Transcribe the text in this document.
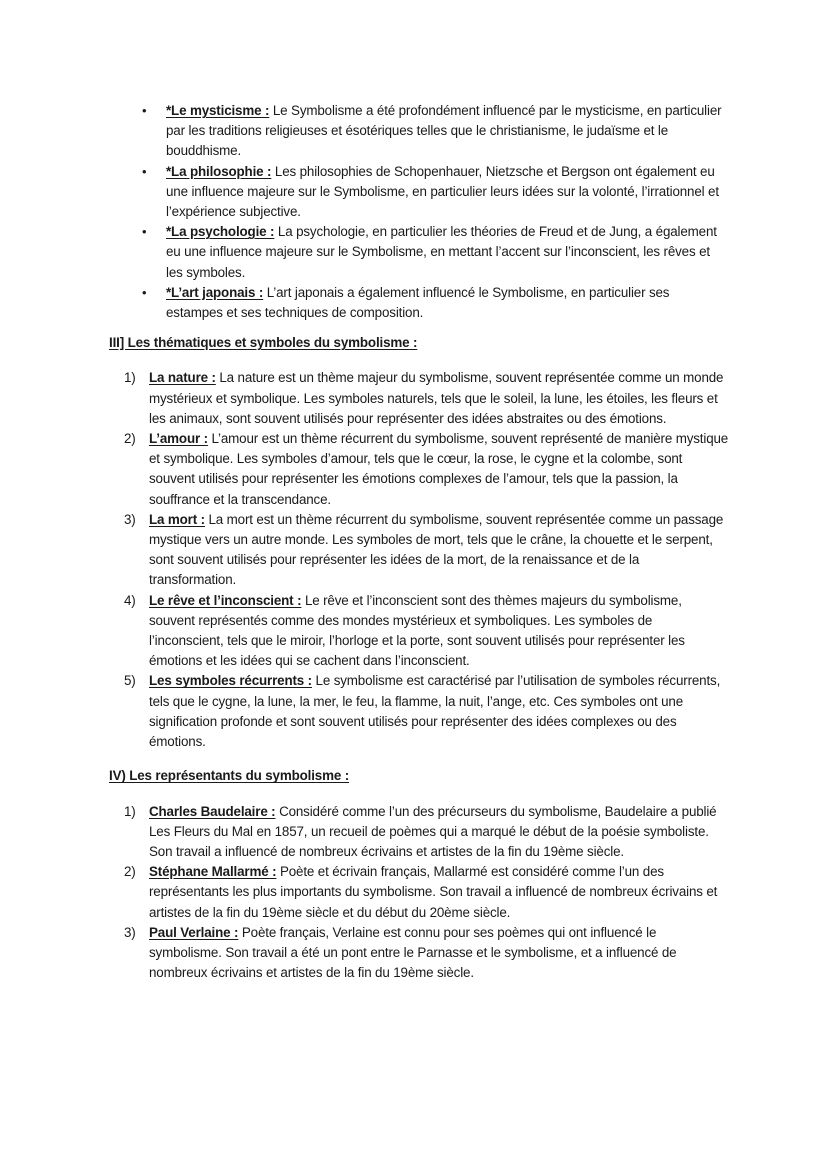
• *Le mysticisme : Le Symbolisme a été profondément influencé par le mysticisme, en particulier par les traditions religieuses et ésotériques telles que le christianisme, le judaïsme et le bouddhisme.
• *La philosophie : Les philosophies de Schopenhauer, Nietzsche et Bergson ont également eu une influence majeure sur le Symbolisme, en particulier leurs idées sur la volonté, l’irrationnel et l’expérience subjective.
• *La psychologie : La psychologie, en particulier les théories de Freud et de Jung, a également eu une influence majeure sur le Symbolisme, en mettant l’accent sur l’inconscient, les rêves et les symboles.
• *L’art japonais : L’art japonais a également influencé le Symbolisme, en particulier ses estampes et ses techniques de composition.
III] Les thématiques et symboles du symbolisme :
1) La nature : La nature est un thème majeur du symbolisme, souvent représentée comme un monde mystérieux et symbolique. Les symboles naturels, tels que le soleil, la lune, les étoiles, les fleurs et les animaux, sont souvent utilisés pour représenter des idées abstraites ou des émotions.
2) L’amour : L’amour est un thème récurrent du symbolisme, souvent représenté de manière mystique et symbolique. Les symboles d’amour, tels que le cœur, la rose, le cygne et la colombe, sont souvent utilisés pour représenter les émotions complexes de l’amour, tels que la passion, la souffrance et la transcendance.
3) La mort : La mort est un thème récurrent du symbolisme, souvent représentée comme un passage mystique vers un autre monde. Les symboles de mort, tels que le crâne, la chouette et le serpent, sont souvent utilisés pour représenter les idées de la mort, de la renaissance et de la transformation.
4) Le rêve et l’inconscient : Le rêve et l’inconscient sont des thèmes majeurs du symbolisme, souvent représentés comme des mondes mystérieux et symboliques. Les symboles de l’inconscient, tels que le miroir, l’horloge et la porte, sont souvent utilisés pour représenter les émotions et les idées qui se cachent dans l’inconscient.
5) Les symboles récurrents : Le symbolisme est caractérisé par l’utilisation de symboles récurrents, tels que le cygne, la lune, la mer, le feu, la flamme, la nuit, l’ange, etc. Ces symboles ont une signification profonde et sont souvent utilisés pour représenter des idées complexes ou des émotions.
IV) Les représentants du symbolisme :
1) Charles Baudelaire : Considéré comme l’un des précurseurs du symbolisme, Baudelaire a publié Les Fleurs du Mal en 1857, un recueil de poèmes qui a marqué le début de la poésie symboliste. Son travail a influencé de nombreux écrivains et artistes de la fin du 19ème siècle.
2) Stéphane Mallarmé : Poète et écrivain français, Mallarmé est considéré comme l’un des représentants les plus importants du symbolisme. Son travail a influencé de nombreux écrivains et artistes de la fin du 19ème siècle et du début du 20ème siècle.
3) Paul Verlaine : Poète français, Verlaine est connu pour ses poèmes qui ont influencé le symbolisme. Son travail a été un pont entre le Parnasse et le symbolisme, et a influencé de nombreux écrivains et artistes de la fin du 19ème siècle.
